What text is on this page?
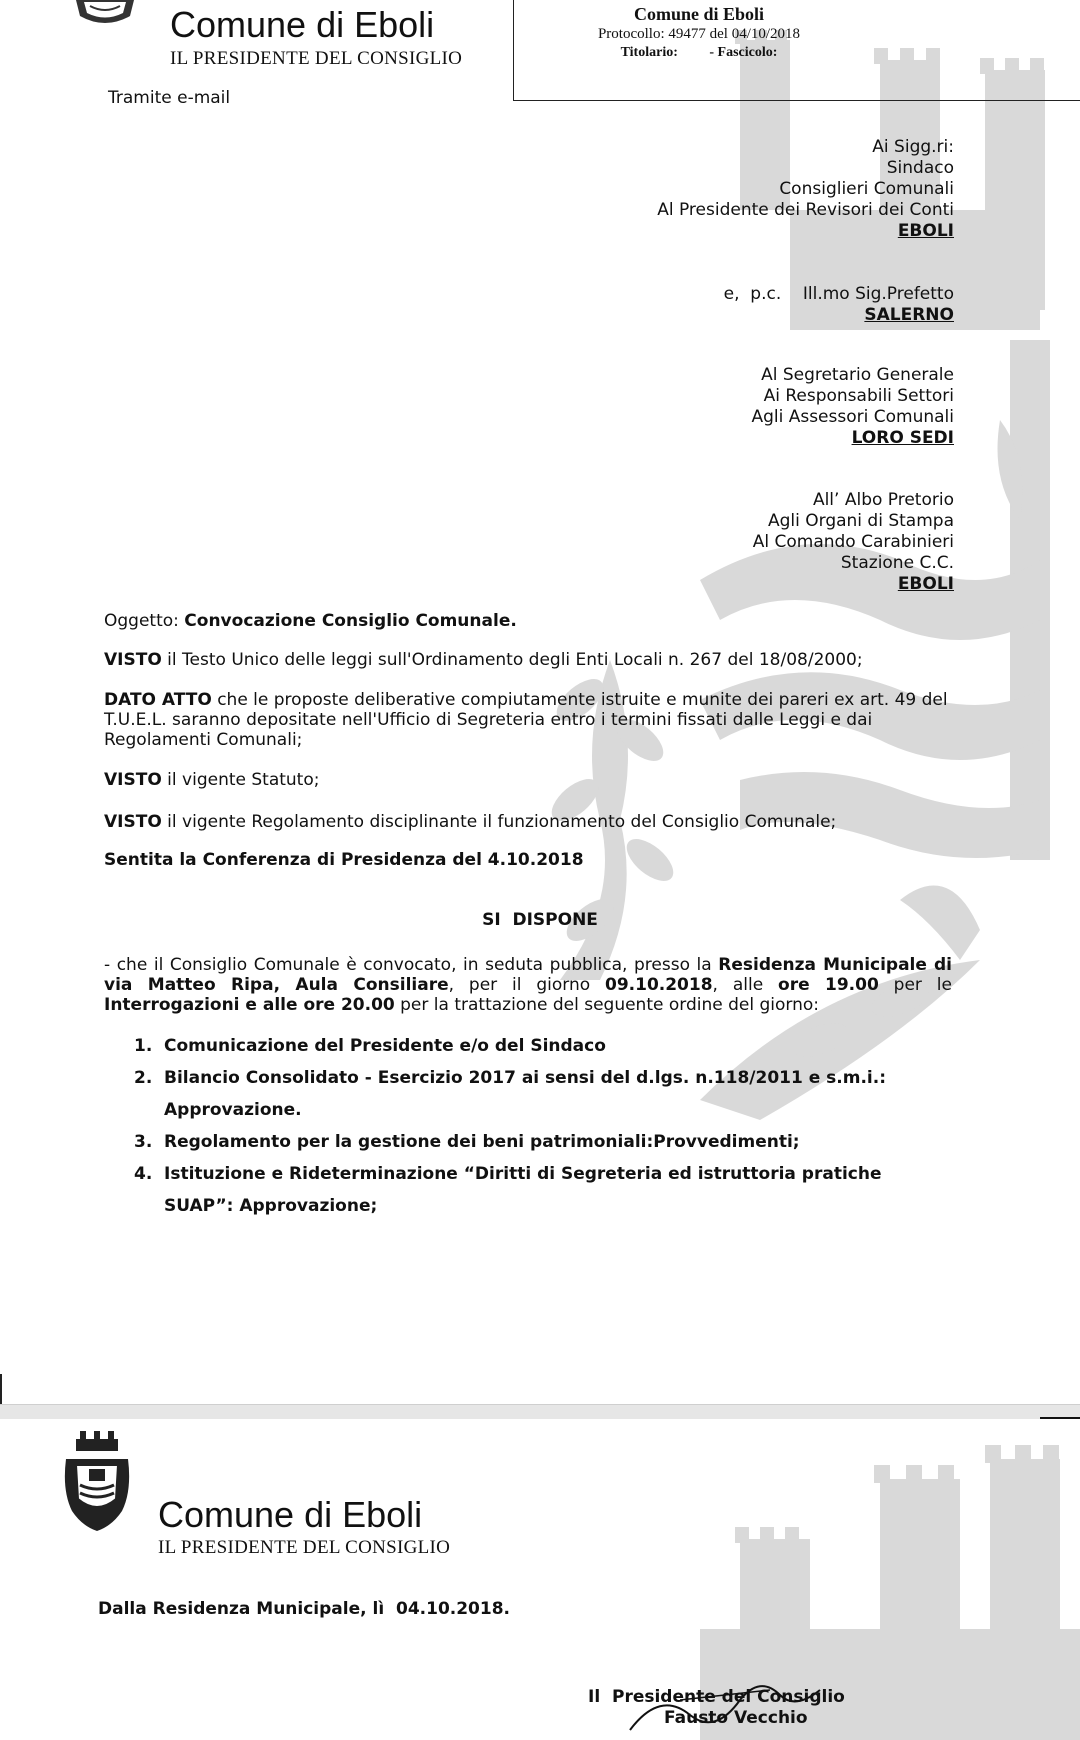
Comune di Eboli
IL PRESIDENTE DEL CONSIGLIO
Tramite e-mail
Comune di Eboli
Protocollo: 49477 del 04/10/2018
Titolario:         - Fascicolo:
Ai Sigg.ri:
Sindaco
Consiglieri Comunali
Al Presidente dei Revisori dei Conti
EBOLI
e,  p.c.    Ill.mo Sig.Prefetto
SALERNO
Al Segretario Generale
Ai Responsabili Settori
Agli Assessori Comunali
LORO SEDI
All’ Albo Pretorio
Agli Organi di Stampa
Al Comando Carabinieri
Stazione C.C.
EBOLI
Oggetto: Convocazione Consiglio Comunale.
VISTO il Testo Unico delle leggi sull'Ordinamento degli Enti Locali n. 267 del 18/08/2000;
DATO ATTO che le proposte deliberative compiutamente istruite e munite dei pareri ex art. 49 del T.U.E.L. saranno depositate nell'Ufficio di Segreteria entro i termini fissati dalle Leggi e dai Regolamenti Comunali;
VISTO il vigente Statuto;
VISTO il vigente Regolamento disciplinante il funzionamento del Consiglio Comunale;
Sentita la Conferenza di Presidenza del 4.10.2018
SI  DISPONE
- che il Consiglio Comunale è convocato, in seduta pubblica, presso la Residenza Municipale di via Matteo Ripa, Aula Consiliare, per il giorno 09.10.2018, alle ore 19.00 per le Interrogazioni e alle ore 20.00 per la trattazione del seguente ordine del giorno:
1. Comunicazione del Presidente e/o del Sindaco
2. Bilancio Consolidato - Esercizio 2017 ai sensi del d.lgs. n.118/2011 e s.m.i.: Approvazione.
3. Regolamento per la gestione dei beni patrimoniali:Provvedimenti;
4. Istituzione e Rideterminazione “Diritti di Segreteria ed istruttoria pratiche SUAP”: Approvazione;
Comune di Eboli
IL PRESIDENTE DEL CONSIGLIO
Dalla Residenza Municipale, lì  04.10.2018.
Il  Presidente del Consiglio
Fausto Vecchio
